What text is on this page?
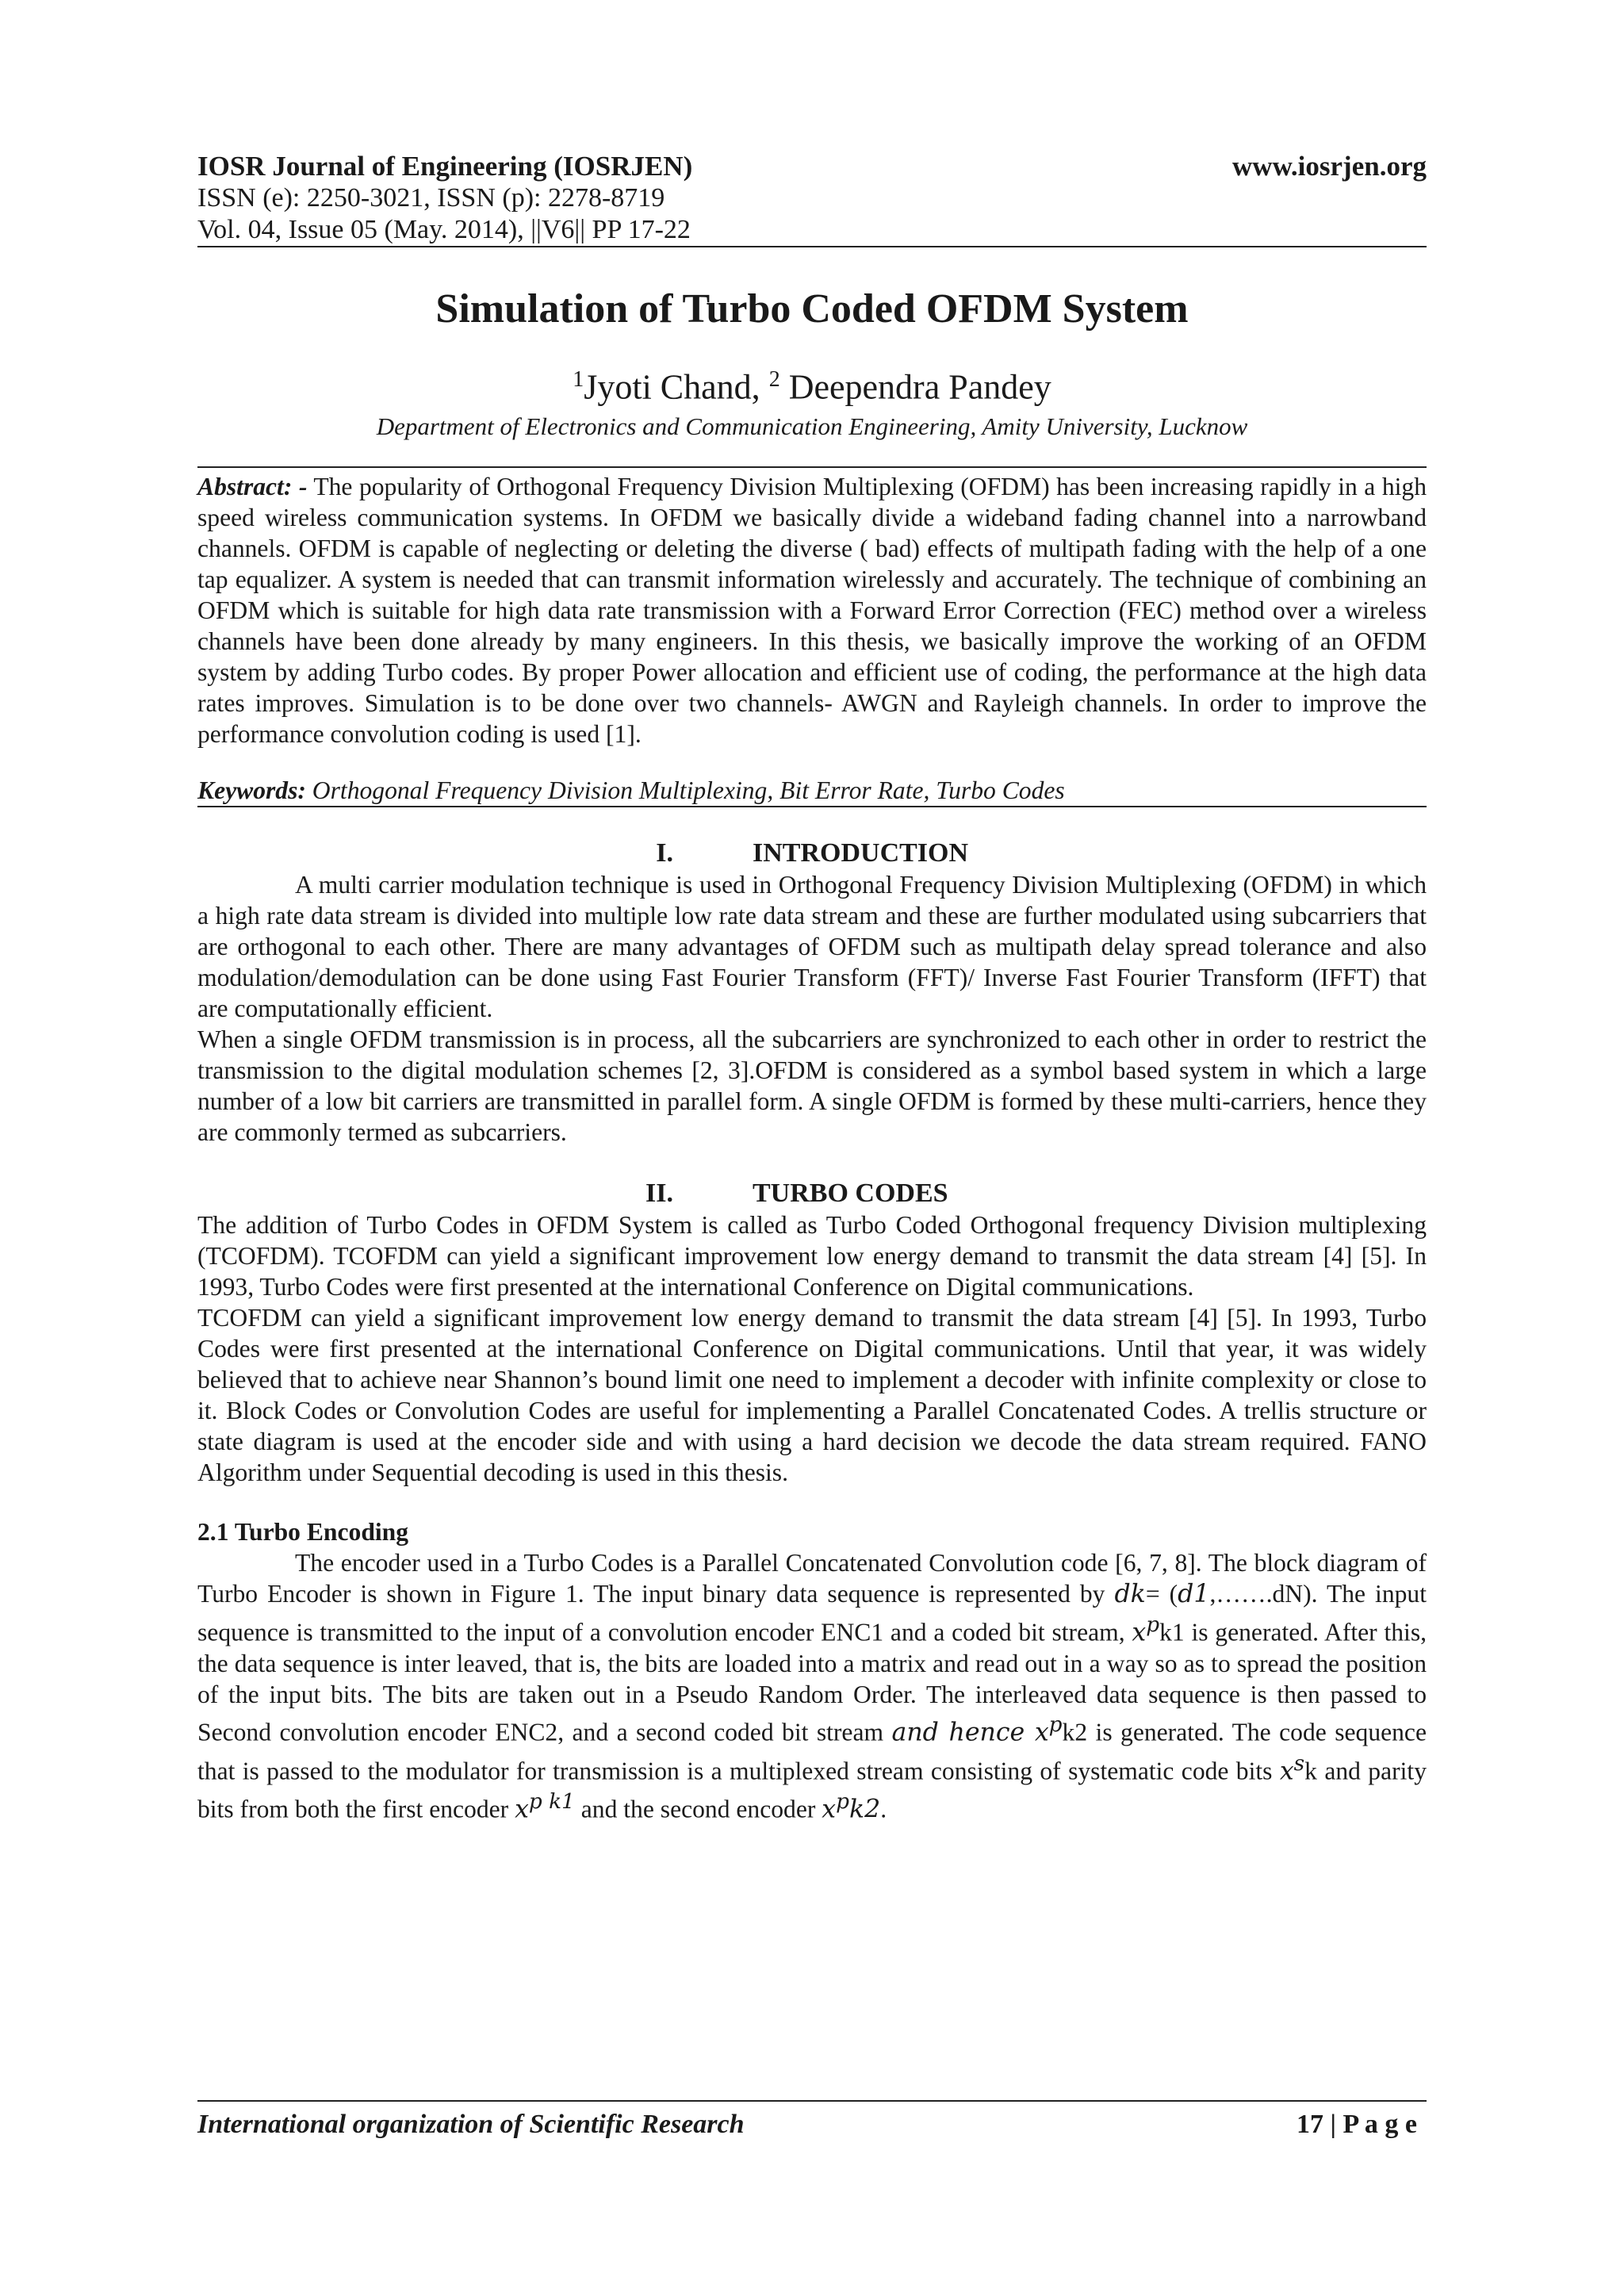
IOSR Journal of Engineering (IOSRJEN)	www.iosrjen.org
ISSN (e): 2250-3021, ISSN (p): 2278-8719
Vol. 04, Issue 05 (May. 2014), ||V6|| PP 17-22
Simulation of Turbo Coded OFDM System
$^1$Jyoti Chand, $^2$ Deependra Pandey
Department of Electronics and Communication Engineering, Amity University, Lucknow

Abstract: - The popularity of Orthogonal Frequency Division Multiplexing (OFDM) has been increasing rapidly in a high speed wireless communication systems. In OFDM we basically divide a wideband fading channel into a narrowband channels. OFDM is capable of neglecting or deleting the diverse ( bad) effects of multipath fading with the help of a one tap equalizer. A system is needed that can transmit information wirelessly and accurately. The technique of combining an OFDM which is suitable for high data rate transmission with a Forward Error Correction (FEC) method over a wireless channels have been done already by many engineers. In this thesis, we basically improve the working of an OFDM system by adding Turbo codes. By proper Power allocation and efficient use of coding, the performance at the high data rates improves. Simulation is to be done over two channels- AWGN and Rayleigh channels. In order to improve the performance convolution coding is used [1].

Keywords: Orthogonal Frequency Division Multiplexing, Bit Error Rate, Turbo Codes
I.	INTRODUCTION

A multi carrier modulation technique is used in Orthogonal Frequency Division Multiplexing (OFDM) in which a high rate data stream is divided into multiple low rate data stream and these are further modulated using subcarriers that are orthogonal to each other. There are many advantages of OFDM such as multipath delay spread tolerance and also modulation/demodulation can be done using Fast Fourier Transform (FFT)/ Inverse Fast Fourier Transform (IFFT) that are computationally efficient.

When a single OFDM transmission is in process, all the subcarriers are synchronized to each other in order to restrict the transmission to the digital modulation schemes [2, 3].OFDM is considered as a symbol based system in which a large number of a low bit carriers are transmitted in parallel form. A single OFDM is formed by these multi-carriers, hence they are commonly termed as subcarriers.

II.	TURBO CODES

The addition of Turbo Codes in OFDM System is called as Turbo Coded Orthogonal frequency Division multiplexing (TCOFDM). TCOFDM can yield a significant improvement low energy demand to transmit the data stream [4] [5]. In 1993, Turbo Codes were first presented at the international Conference on Digital communications.

TCOFDM can yield a significant improvement low energy demand to transmit the data stream [4] [5]. In 1993, Turbo Codes were first presented at the international Conference on Digital communications. Until that year, it was widely believed that to achieve near Shannon’s bound limit one need to implement a decoder with infinite complexity or close to it. Block Codes or Convolution Codes are useful for implementing a Parallel Concatenated Codes. A trellis structure or state diagram is used at the encoder side and with using a hard decision we decode the data stream required. FANO Algorithm under Sequential decoding is used in this thesis.

2.1 Turbo Encoding

The encoder used in a Turbo Codes is a Parallel Concatenated Convolution code [6, 7, 8]. The block diagram of Turbo Encoder is shown in Figure 1. The input binary data sequence is represented by dk= (d1,…….dN). The input sequence is transmitted to the input of a convolution encoder ENC1 and a coded bit stream, $x^pk1$ is generated. After this, the data sequence is inter leaved, that is, the bits are loaded into a matrix and read out in a way so as to spread the position of the input bits. The bits are taken out in a Pseudo Random Order. The interleaved data sequence is then passed to Second convolution encoder ENC2, and a second coded bit stream and hence $x^pk2$ is generated. The code sequence that is passed to the modulator for transmission is a multiplexed stream consisting of systematic code bits $x^sk$ and parity bits from both the first encoder $x^{p k1}$ and the second encoder $x^pk2$.

International organization of Scientific Research	17 | P a g e
